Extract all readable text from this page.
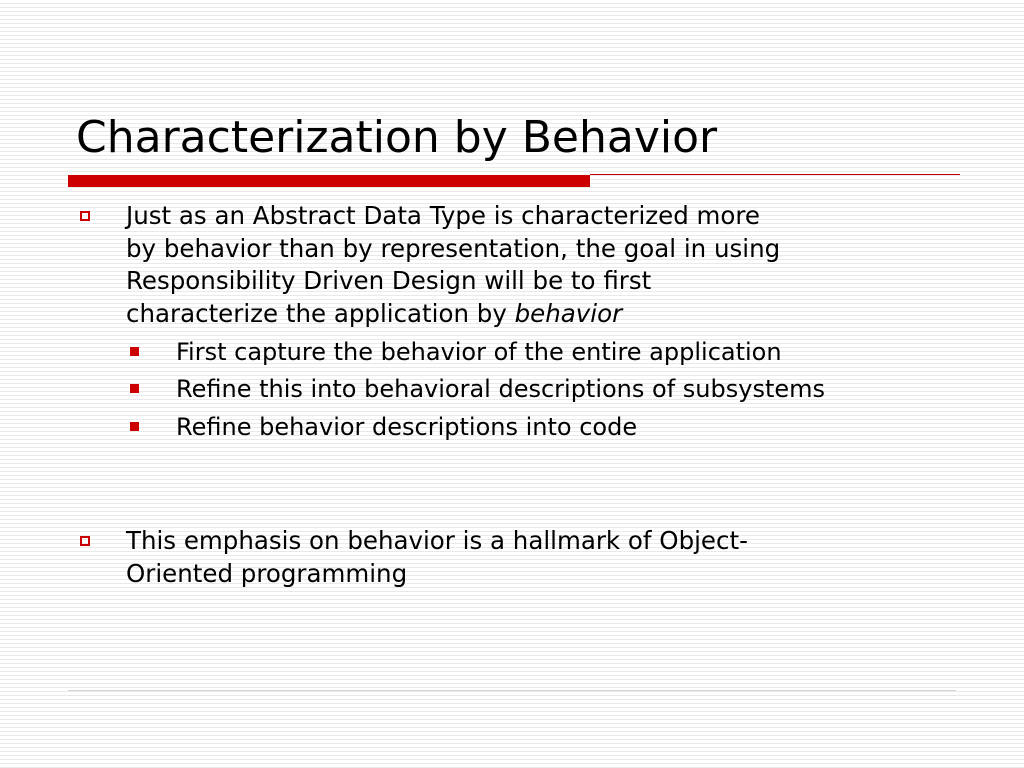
Characterization by Behavior
Just as an Abstract Data Type is characterized more
by behavior than by representation, the goal in using
Responsibility Driven Design will be to first
characterize the application by behavior
First capture the behavior of the entire application
Refine this into behavioral descriptions of subsystems
Refine behavior descriptions into code
This emphasis on behavior is a hallmark of Object-
Oriented programming
